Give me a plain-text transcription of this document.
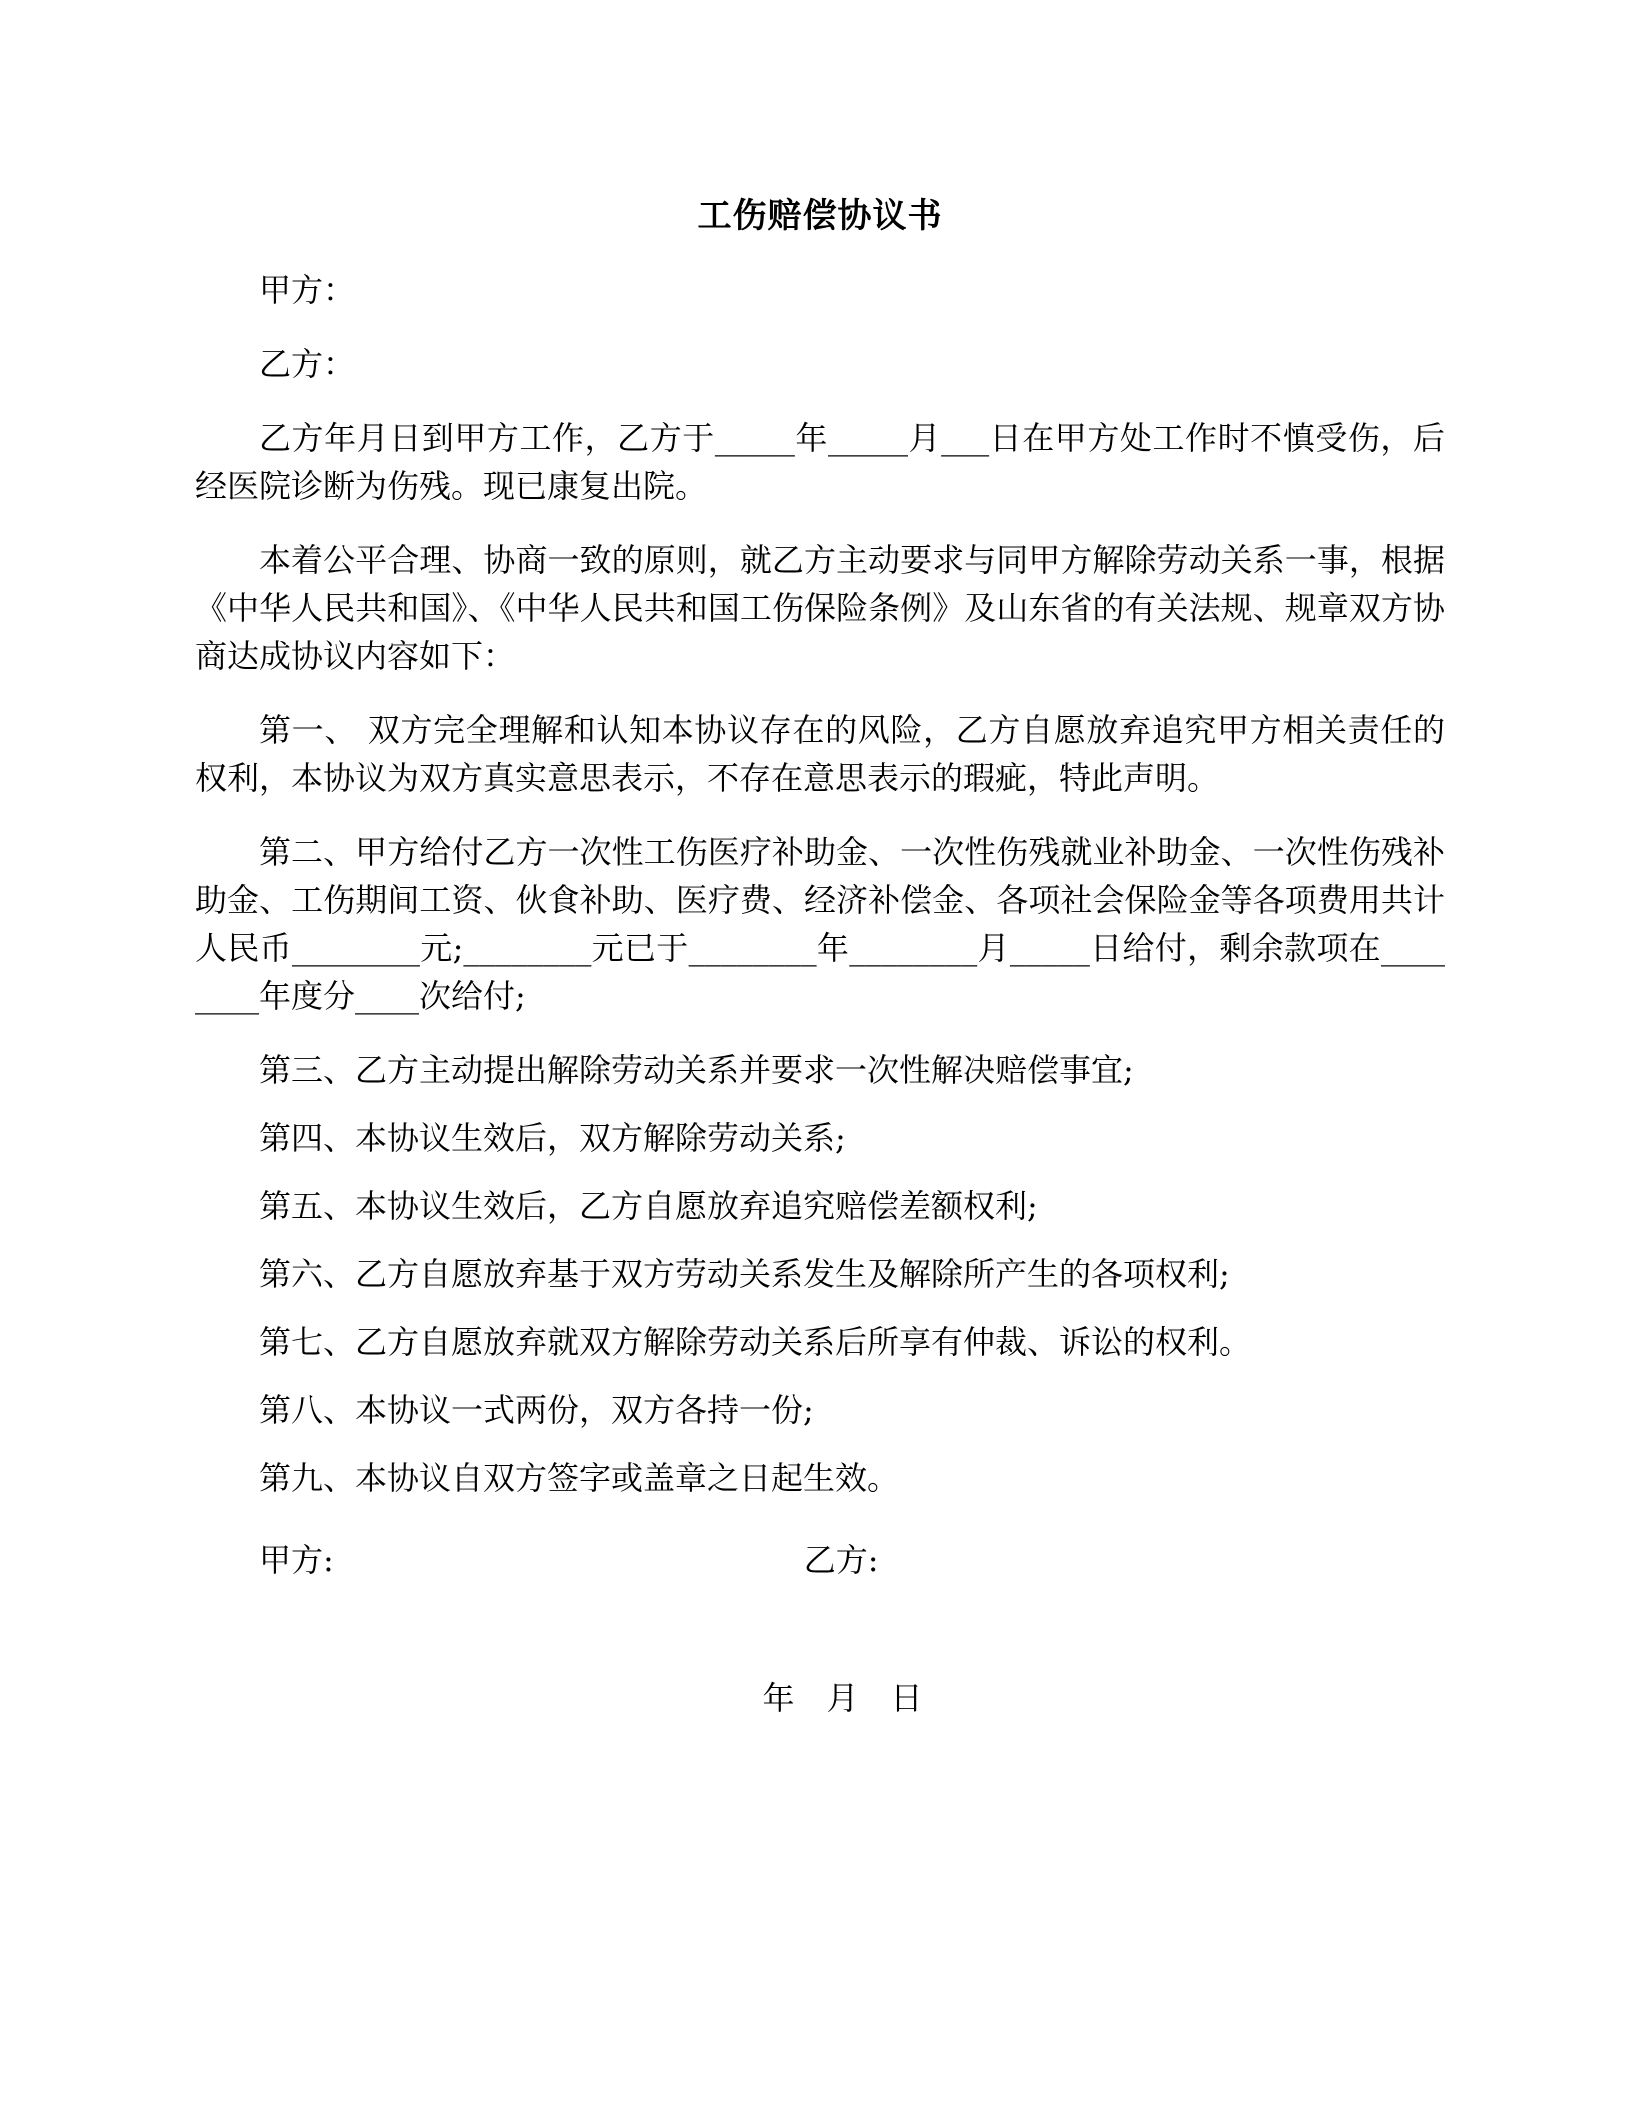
工伤赔偿协议书

甲方：

乙方：

乙方年月日到甲方工作，乙方于_____年_____月___日在甲方处工作时不慎受伤，后经医院诊断为伤残。现已康复出院。

本着公平合理、协商一致的原则，就乙方主动要求与同甲方解除劳动关系一事，根据《中华人民共和国》、《中华人民共和国工伤保险条例》及山东省的有关法规、规章双方协商达成协议内容如下：

第一、 双方完全理解和认知本协议存在的风险，乙方自愿放弃追究甲方相关责任的权利，本协议为双方真实意思表示，不存在意思表示的瑕疵，特此声明。

第二、甲方给付乙方一次性工伤医疗补助金、一次性伤残就业补助金、一次性伤残补助金、工伤期间工资、伙食补助、医疗费、经济补偿金、各项社会保险金等各项费用共计人民币________元;________元已于________年________月_____日给付，剩余款项在________年度分____次给付;

第三、乙方主动提出解除劳动关系并要求一次性解决赔偿事宜;

第四、本协议生效后，双方解除劳动关系;

第五、本协议生效后，乙方自愿放弃追究赔偿差额权利;

第六、乙方自愿放弃基于双方劳动关系发生及解除所产生的各项权利;

第七、乙方自愿放弃就双方解除劳动关系后所享有仲裁、诉讼的权利。

第八、本协议一式两份，双方各持一份;

第九、本协议自双方签字或盖章之日起生效。

甲方:	乙方:

年　月　日
